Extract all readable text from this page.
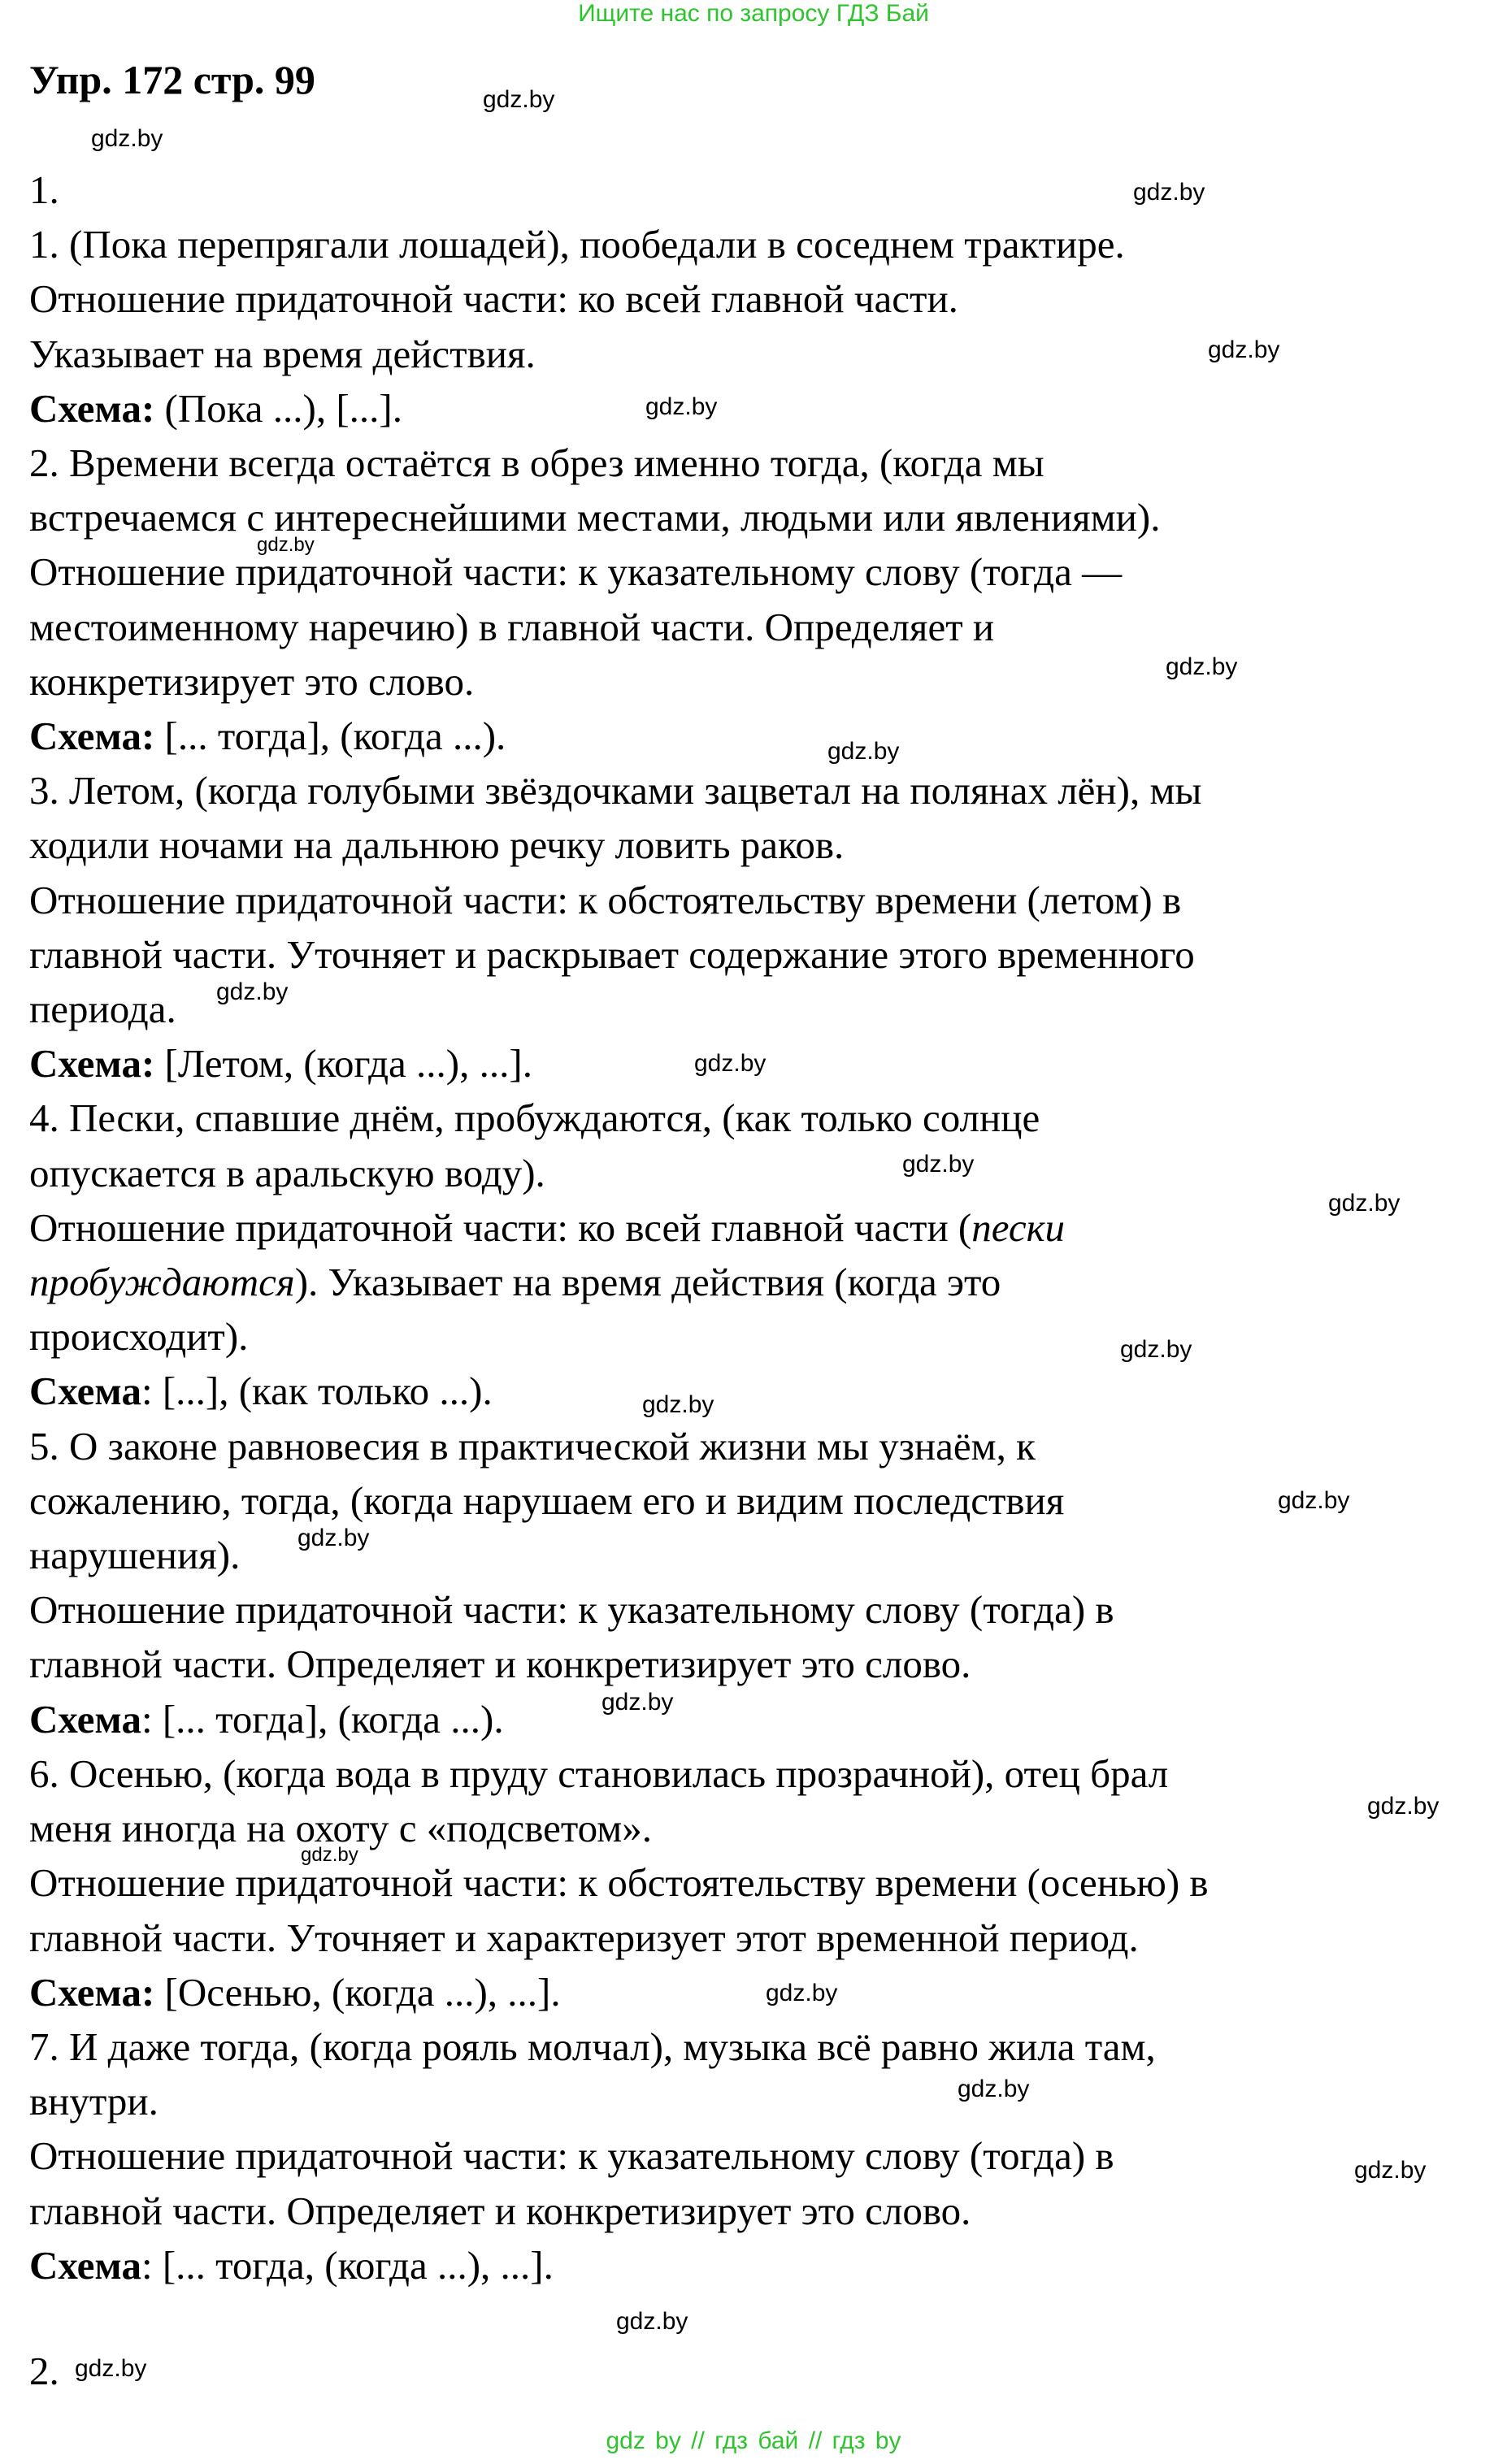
Ищите нас по запросу ГДЗ Бай
Упр. 172 стр. 99
1.
1. (Пока перепрягали лошадей), пообедали в соседнем трактире.
Отношение придаточной части: ко всей главной части.
Указывает на время действия.
Схема: (Пока ...), [...].
2. Времени всегда остаётся в обрез именно тогда, (когда мы
встречаемся с интереснейшими местами, людьми или явлениями).
Отношение придаточной части: к указательному слову (тогда —
местоименному наречию) в главной части. Определяет и
конкретизирует это слово.
Схема: [... тогда], (когда ...).
3. Летом, (когда голубыми звёздочками зацветал на полянах лён), мы
ходили ночами на дальнюю речку ловить раков.
Отношение придаточной части: к обстоятельству времени (летом) в
главной части. Уточняет и раскрывает содержание этого временного
периода.
Схема: [Летом, (когда ...), ...].
4. Пески, спавшие днём, пробуждаются, (как только солнце
опускается в аральскую воду).
Отношение придаточной части: ко всей главной части (пески
пробуждаются). Указывает на время действия (когда это
происходит).
Схема: [...], (как только ...).
5. О законе равновесия в практической жизни мы узнаём, к
сожалению, тогда, (когда нарушаем его и видим последствия
нарушения).
Отношение придаточной части: к указательному слову (тогда) в
главной части. Определяет и конкретизирует это слово.
Схема: [... тогда], (когда ...).
6. Осенью, (когда вода в пруду становилась прозрачной), отец брал
меня иногда на охоту с «подсветом».
Отношение придаточной части: к обстоятельству времени (осенью) в
главной части. Уточняет и характеризует этот временной период.
Схема: [Осенью, (когда ...), ...].
7. И даже тогда, (когда рояль молчал), музыка всё равно жила там,
внутри.
Отношение придаточной части: к указательному слову (тогда) в
главной части. Определяет и конкретизирует это слово.
Схема: [... тогда, (когда ...), ...].
2.
gdz.by
gdz.by
gdz.by
gdz.by
gdz.by
gdz.by
gdz.by
gdz.by
gdz.by
gdz.by
gdz.by
gdz.by
gdz.by
gdz.by
gdz.by
gdz.by
gdz.by
gdz.by
gdz.by
gdz.by
gdz.by
gdz.by
gdz.by
gdz.by
gdz by // гдз бай // гдз by
